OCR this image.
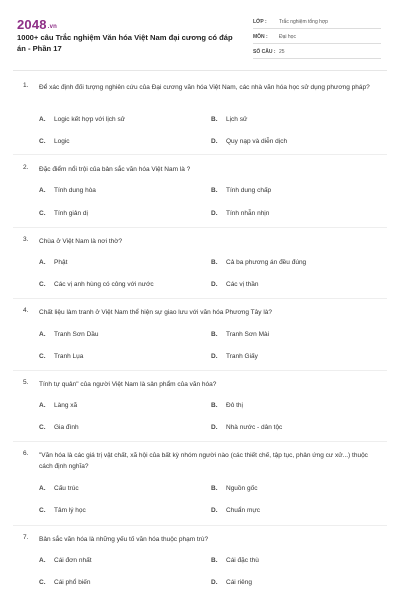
2048.vn
1000+ câu Trắc nghiệm Văn hóa Việt Nam đại cương có đáp án - Phần 17
LỚP :	Trắc nghiệm tổng hợp
MÔN :	Đại học
SỐ CÂU : 25
1. Để xác định đối tượng nghiên cứu của Đại cương văn hóa Việt Nam, các nhà văn hóa học sử dụng phương pháp?
A. Logic kết hợp với lịch sử	B. Lịch sử
C. Logic	D. Quy nạp và diễn dịch
2. Đặc điểm nổi trội của bản sắc văn hóa Việt Nam là ?
A. Tính dung hòa	B. Tính dung chấp
C. Tính giản dị	D. Tính nhẫn nhịn
3. Chùa ở Việt Nam là nơi thờ?
A. Phật	B. Cả ba phương án đều đúng
C. Các vị anh hùng có công với nước	D. Các vị thần
4. Chất liệu làm tranh ở Việt Nam thể hiện sự giao lưu với văn hóa Phương Tây là?
A. Tranh Sơn Dầu	B. Tranh Sơn Mài
C. Tranh Lụa	D. Tranh Giấy
5. Tính tự quản" của người Việt Nam là sản phẩm của văn hóa?
A. Làng xã	B. Đô thị
C. Gia đình	D. Nhà nước - dân tộc
6. "Văn hóa là các giá trị vật chất, xã hội của bất kỳ nhóm người nào (các thiết chế, tập tục, phản ứng cư xử...) thuộc cách định nghĩa?
A. Cấu trúc	B. Nguồn gốc
C. Tâm lý học	D. Chuẩn mực
7. Bản sắc văn hóa là những yếu tố văn hóa thuộc phạm trù?
A. Cái đơn nhất	B. Cái đặc thù
C. Cái phổ biến	D. Cái riêng
